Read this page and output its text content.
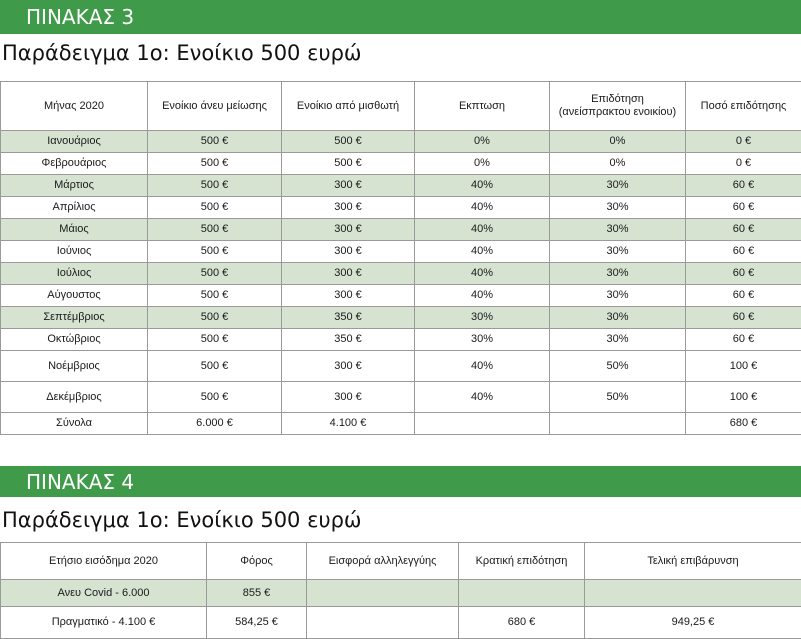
ΠΙΝΑΚΑΣ 3
Παράδειγμα 1ο: Ενοίκιο 500 ευρώ
Μήνας 2020	Ενοίκιο άνευ μείωσης	Ενοίκιο από μισθωτή	Εκπτωση	Επιδότηση (ανείσπρακτου ενοικίου)	Ποσό επιδότησης
Ιανουάριος	500 €	500 €	0%	0%	0 €
Φεβρουάριος	500 €	500 €	0%	0%	0 €
Μάρτιος	500 €	300 €	40%	30%	60 €
Απρίλιος	500 €	300 €	40%	30%	60 €
Μάιος	500 €	300 €	40%	30%	60 €
Ιούνιος	500 €	300 €	40%	30%	60 €
Ιούλιος	500 €	300 €	40%	30%	60 €
Αύγουστος	500 €	300 €	40%	30%	60 €
Σεπτέμβριος	500 €	350 €	30%	30%	60 €
Οκτώβριος	500 €	350 €	30%	30%	60 €
Νοέμβριος	500 €	300 €	40%	50%	100 €
Δεκέμβριος	500 €	300 €	40%	50%	100 €
Σύνολα	6.000 €	4.100 €			680 €
ΠΙΝΑΚΑΣ 4
Παράδειγμα 1ο: Ενοίκιο 500 ευρώ
Ετήσιο εισόδημα 2020	Φόρος	Εισφορά αλληλεγγύης	Κρατική επιδότηση	Τελική επιβάρυνση
Ανευ Covid - 6.000	855 €			
Πραγματικό - 4.100 €	584,25 €		680 €	949,25 €
